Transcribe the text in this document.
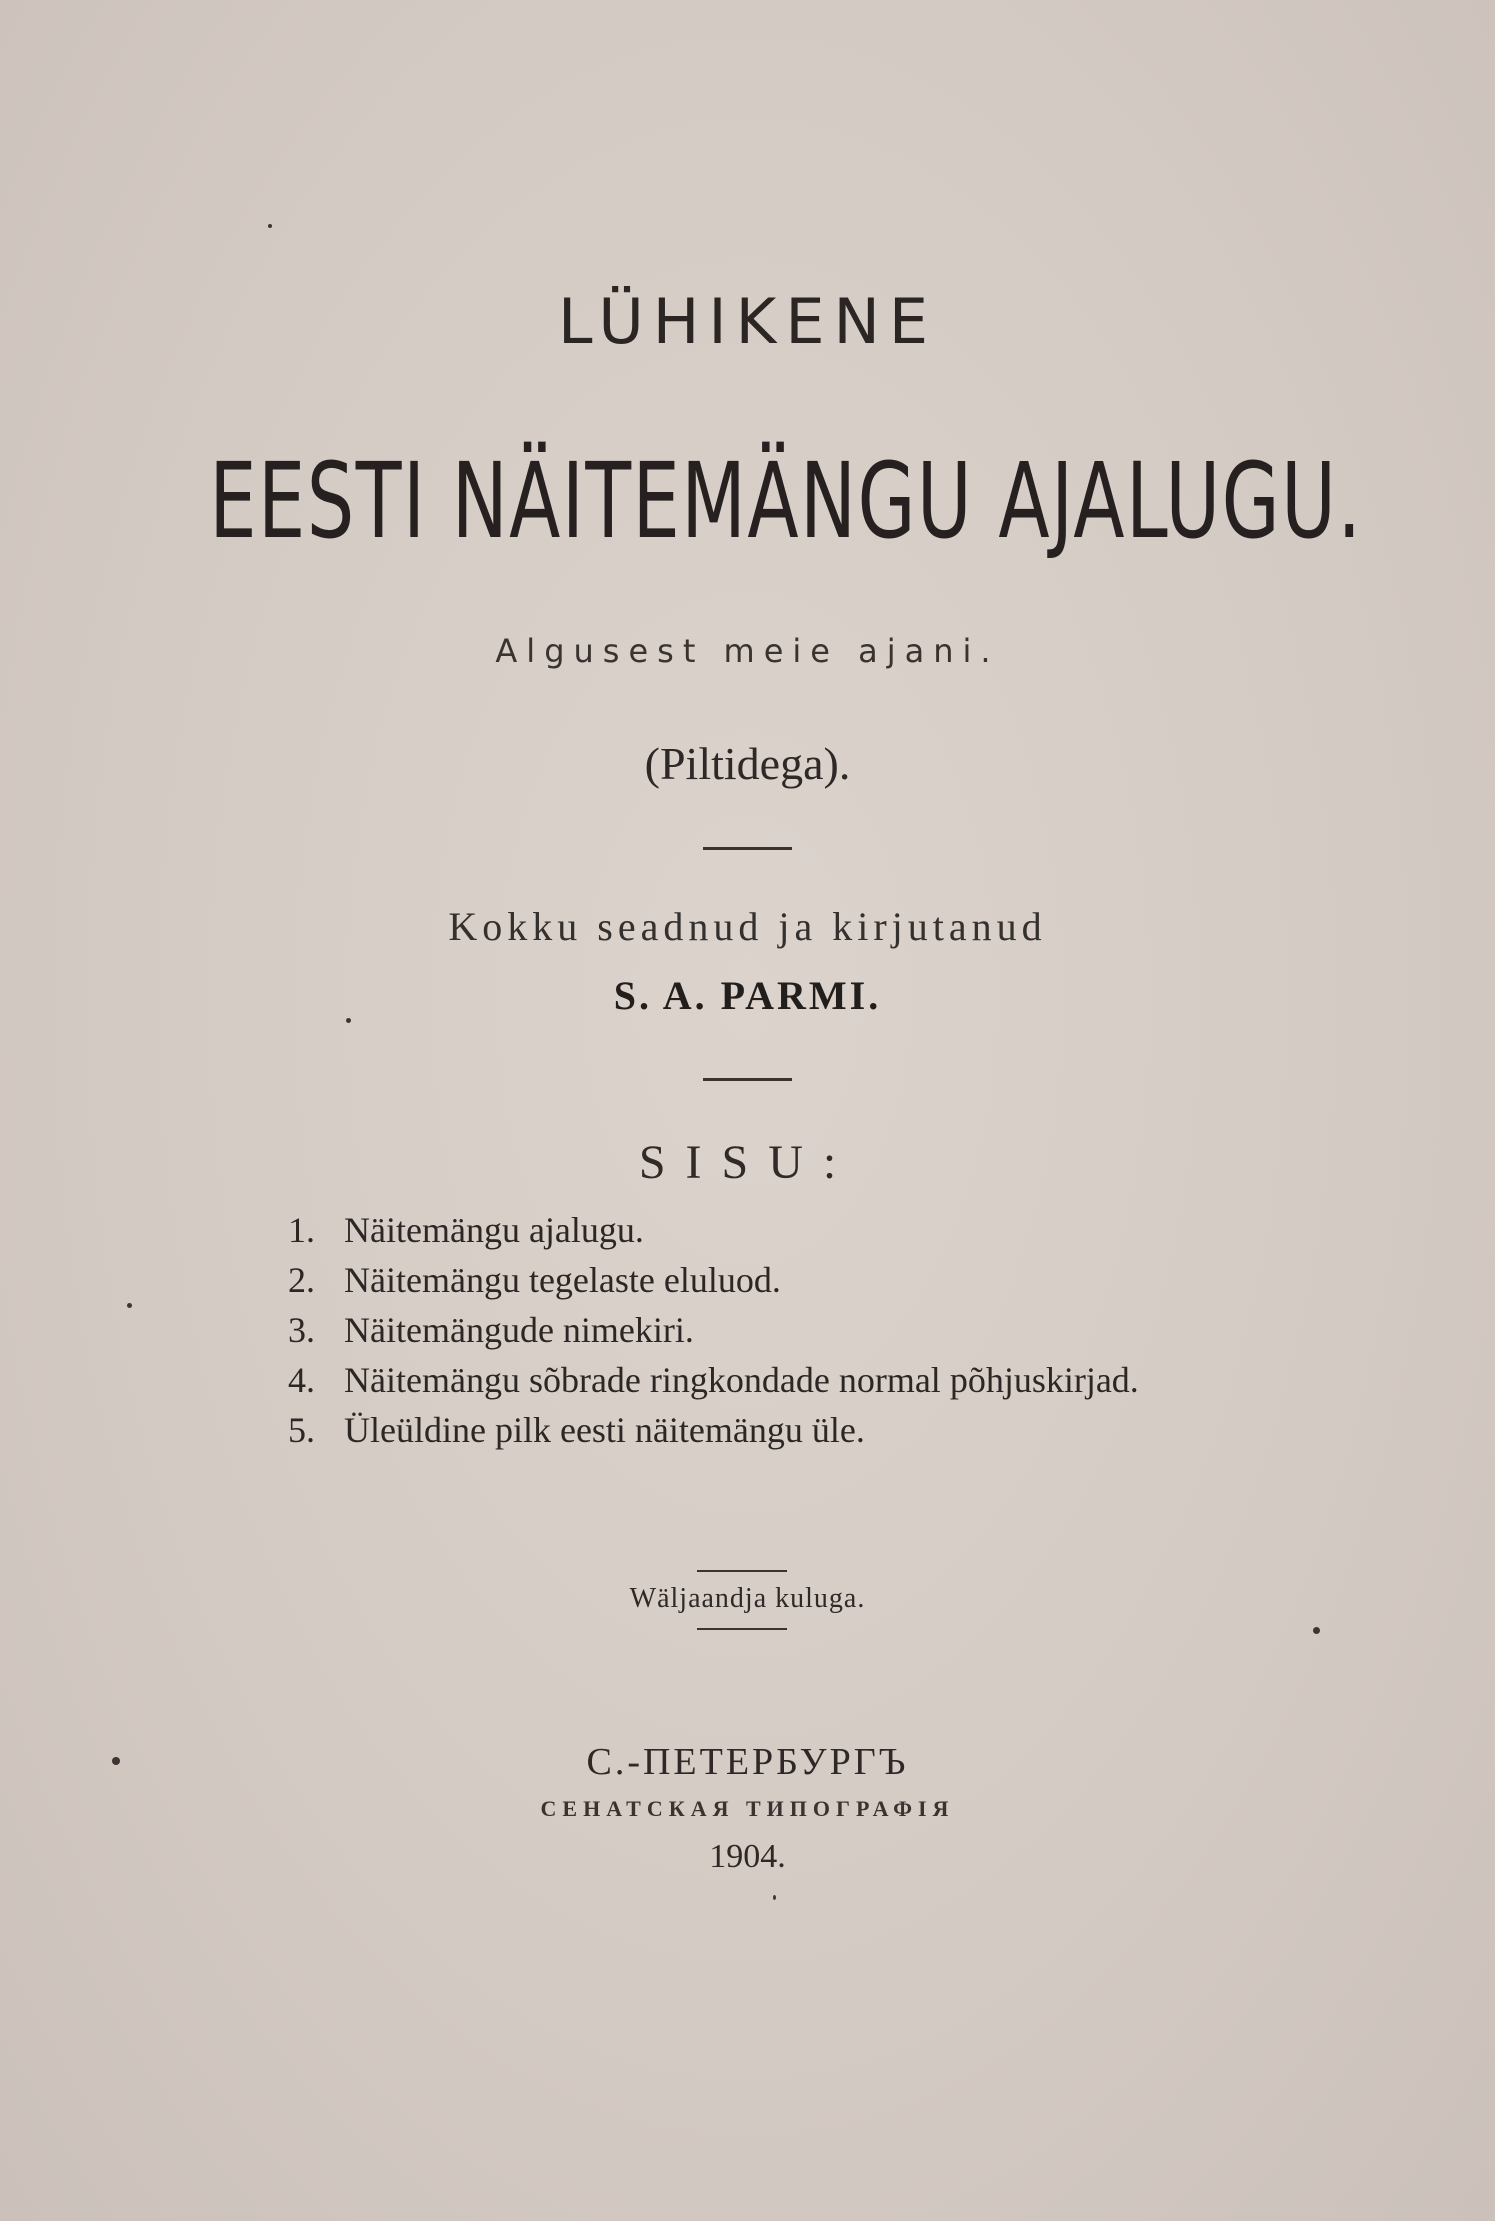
LÜHIKENE
EESTI NÄITEMÄNGU AJALUGU.
Algusest meie ajani.
(Piltidega).
Kokku seadnud ja kirjutanud
S. A. PARMI.
SISU:
1. Näitemängu ajalugu.
2. Näitemängu tegelaste eluluod.
3. Näitemängude nimekiri.
4. Näitemängu sõbrade ringkondade normal põhjuskirjad.
5. Üleüldine pilk eesti näitemängu üle.
Wäljaandja kuluga.
С.-ПЕТЕРБУРГЪ
СЕНАТСКАЯ ТИПОГРАФІЯ
1904.
